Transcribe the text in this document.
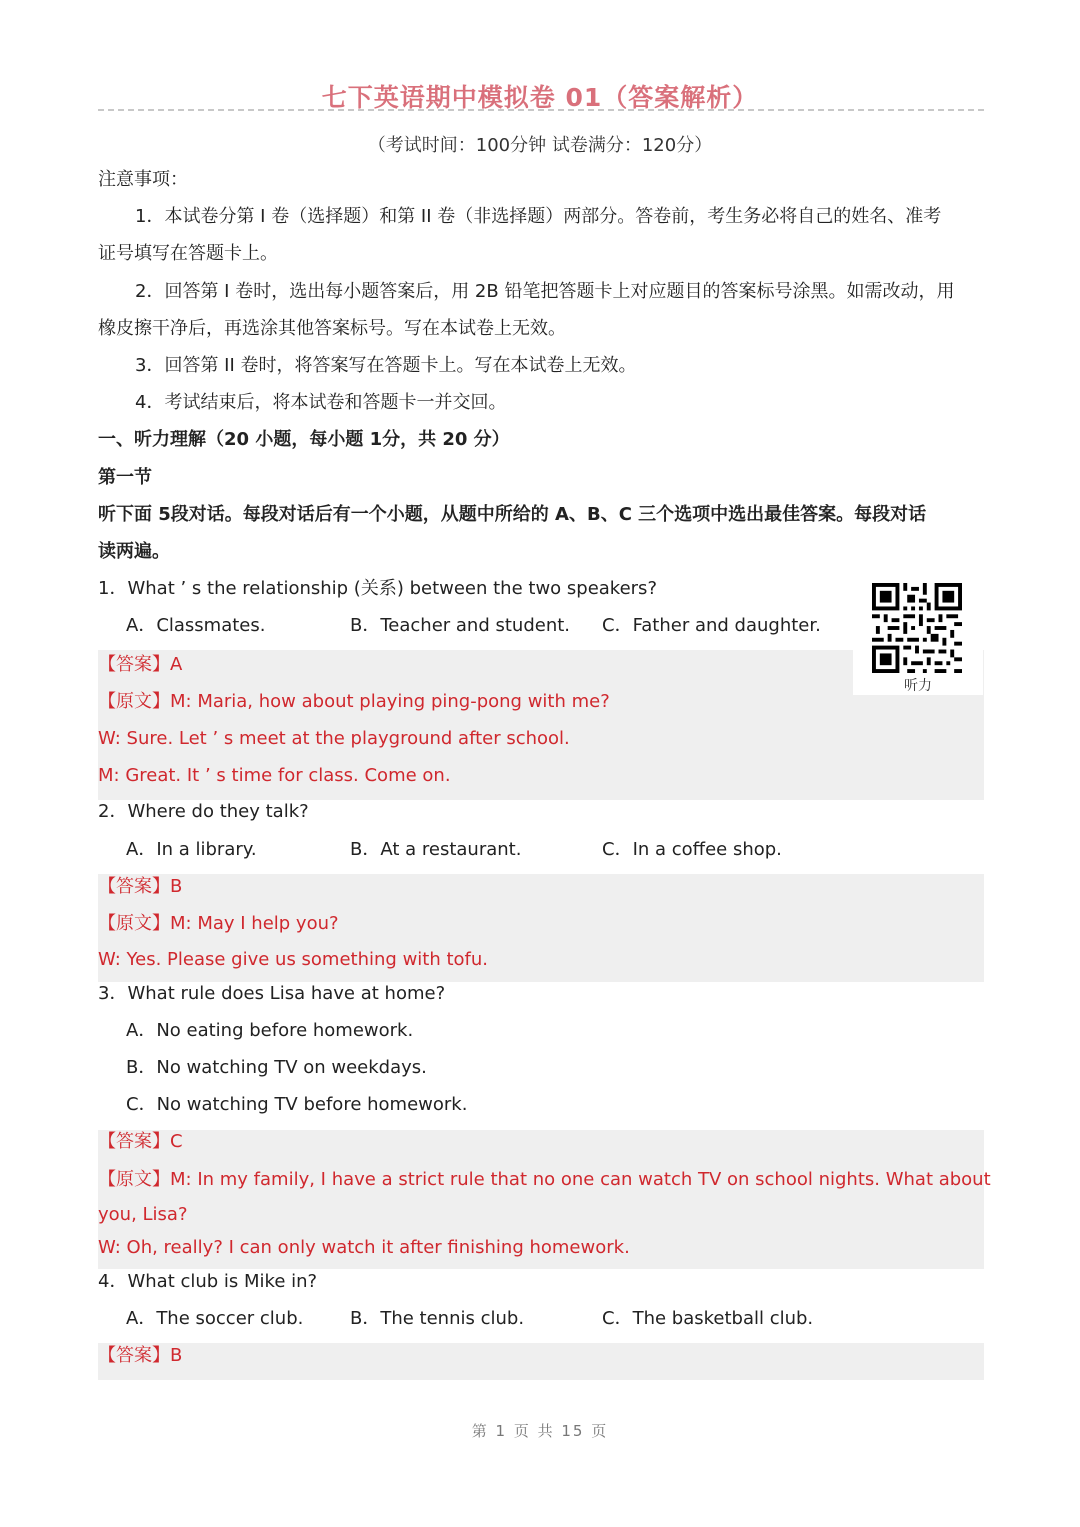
七下英语期中模拟卷 01（答案解析）
（考试时间：100分钟 试卷满分：120分）
注意事项：
1．本试卷分第 I 卷（选择题）和第 II 卷（非选择题）两部分。答卷前，考生务必将自己的姓名、准考
证号填写在答题卡上。
2．回答第 I 卷时，选出每小题答案后，用 2B 铅笔把答题卡上对应题目的答案标号涂黑。如需改动，用
橡皮擦干净后，再选涂其他答案标号。写在本试卷上无效。
3．回答第 II 卷时，将答案写在答题卡上。写在本试卷上无效。
4．考试结束后，将本试卷和答题卡一并交回。
一、听力理解（20 小题，每小题 1分，共 20 分）
第一节
听下面 5段对话。每段对话后有一个小题，从题中所给的 A、B、C 三个选项中选出最佳答案。每段对话
读两遍。
1．What ’ s the relationship (关系) between the two speakers?
A．Classmates.	B．Teacher and student. C．Father and daughter.
【答案】A
【原文】M: Maria, how about playing ping-pong with me?
W: Sure. Let ’ s meet at the playground after school.
M: Great. It ’ s time for class. Come on.
听力
2．Where do they talk?
A．In a library.	B．At a restaurant.	C．In a coffee shop.
【答案】B
【原文】M: May I help you?
W: Yes. Please give us something with tofu.
3．What rule does Lisa have at home?
A．No eating before homework.
B．No watching TV on weekdays.
C．No watching TV before homework.
【答案】C
【原文】M: In my family, I have a strict rule that no one can watch TV on school nights. What about
you, Lisa?
W: Oh, really? I can only watch it after finishing homework.
4．What club is Mike in?
A．The soccer club.	B．The tennis club.	C．The basketball club.
【答案】B
第 1 页 共 15 页
